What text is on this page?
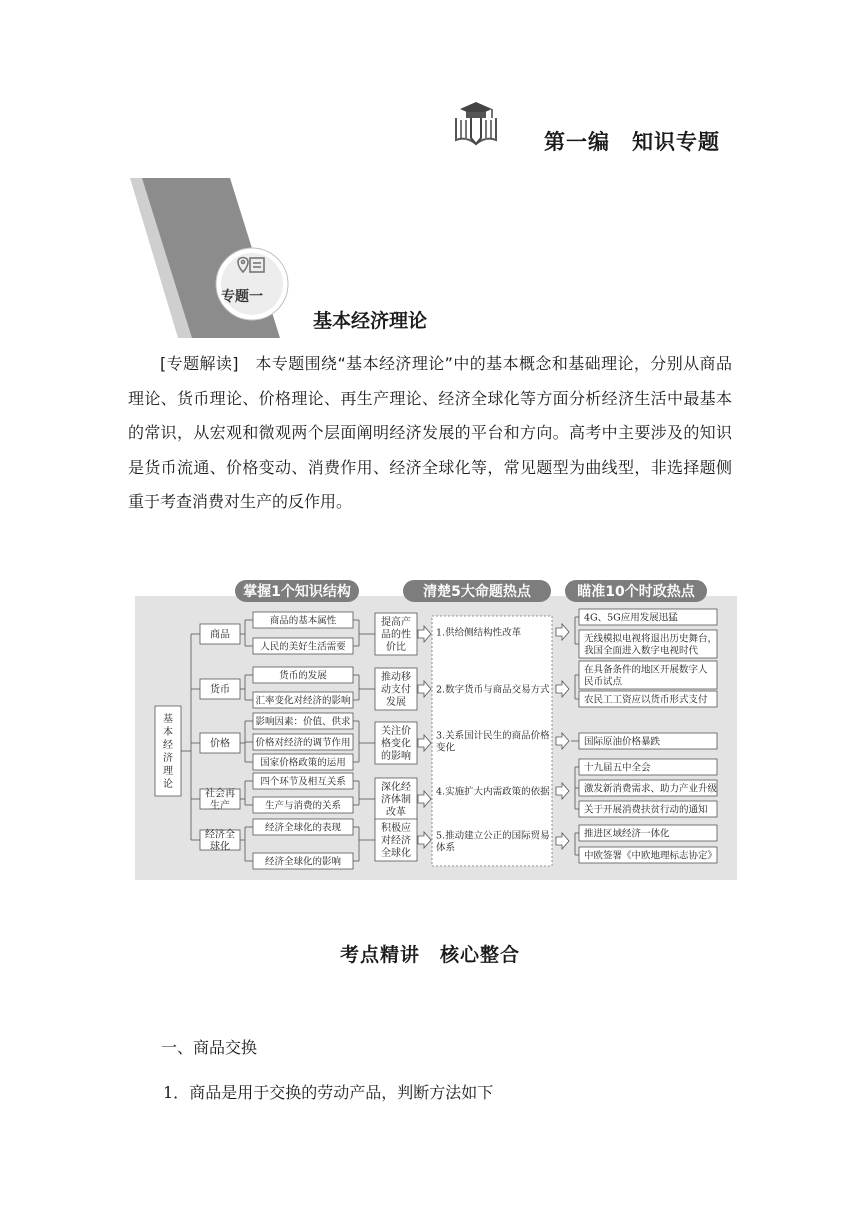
第一编　知识专题
专题一
基本经济理论
[专题解读]　 本专题围绕“基本经济理论”中的基本概念和基础理论，分别从商品理论、货币理论、价格理论、再生产理论、经济全球化等方面分析经济生活中最基本的常识，从宏观和微观两个层面阐明经济发展的平台和方向。高考中主要涉及的知识是货币流通、价格变动、消费作用、经济全球化等，常见题型为曲线型，非选择题侧重于考查消费对生产的反作用。
掌握1个知识结构	清楚5大命题热点	瞄准10个时政热点
基
本
经
济
理
论
商品
商品的基本属性
人民的美好生活需要
提高产
品的性
价比
货币
货币的发展
汇率变化对经济的影响
推动移
动支付
发展
价格
影响因素：价值、供求
价格对经济的调节作用
国家价格政策的运用
关注价
格变化
的影响
社会再
生产
四个环节及相互关系
生产与消费的关系
深化经
济体制
改革
经济全
球化
经济全球化的表现
经济全球化的影响
积极应
对经济
全球化
1.供给侧结构性改革
2.数字货币与商品交易方式
3.关系国计民生的商品价格
变化
4.实施扩大内需政策的依据
5.推动建立公正的国际贸易
体系
4G、5G应用发展迅猛
无线模拟电视将退出历史舞台，
我国全面进入数字电视时代
在具备条件的地区开展数字人
民币试点
农民工工资应以货币形式支付
国际原油价格暴跌
十九届五中全会
激发新消费需求、助力产业升级
关于开展消费扶贫行动的通知
推进区域经济一体化
中欧签署《中欧地理标志协定》
考点精讲　核心整合
一、商品交换
1．商品是用于交换的劳动产品，判断方法如下
